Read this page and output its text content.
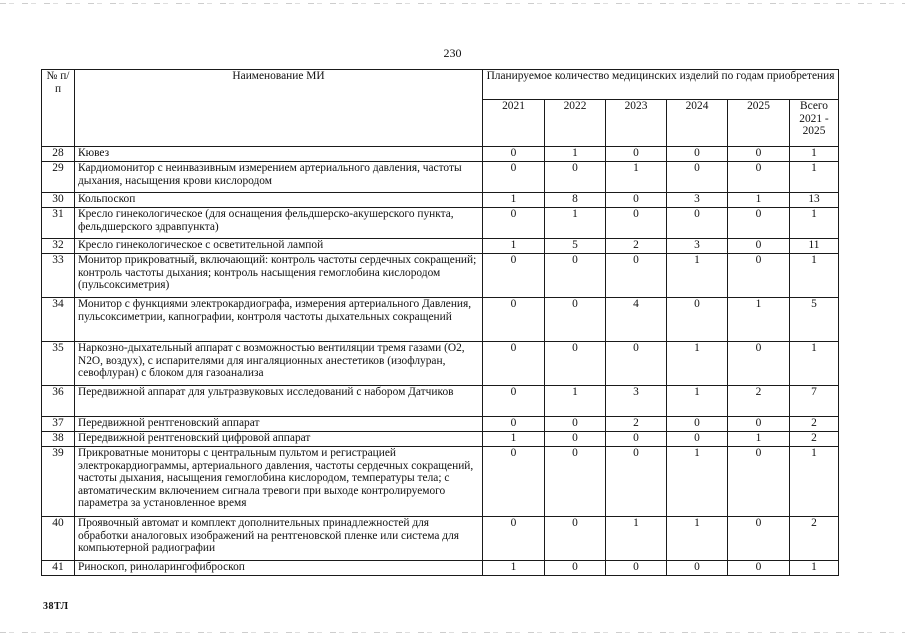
230
№ п/п	Наименование МИ	Планируемое количество медицинских изделий по годам приобретения					
		2021	2022	2023	2024	2025	Всего 2021 - 2025
28	Кювез	0	1	0	0	0	1
29	Кардиомонитор с неинвазивным измерением артериального давления, частоты дыхания, насыщения крови кислородом	0	0	1	0	0	1
30	Кольпоскоп	1	8	0	3	1	13
31	Кресло гинекологическое (для оснащения фельдшерско-акушерского пункта, фельдшерского здравпункта)	0	1	0	0	0	1
32	Кресло гинекологическое с осветительной лампой	1	5	2	3	0	11
33	Монитор прикроватный, включающий: контроль частоты сердечных сокращений; контроль частоты дыхания; контроль насыщения гемоглобина кислородом (пульсоксиметрия)	0	0	0	1	0	1
34	Монитор с функциями электрокардиографа, измерения артериального Давления, пульсоксиметрии, капнографии, контроля частоты дыхательных сокращений	0	0	4	0	1	5
35	Наркозно-дыхательный аппарат с возможностью вентиляции тремя газами (O2, N2O, воздух), с испарителями для ингаляционных анестетиков (изофлуран, севофлуран) с блоком для газоанализа	0	0	0	1	0	1
36	Передвижной аппарат для ультразвуковых исследований с набором Датчиков	0	1	3	1	2	7
37	Передвижной рентгеновский аппарат	0	0	2	0	0	2
38	Передвижной рентгеновский цифровой аппарат	1	0	0	0	1	2
39	Прикроватные мониторы с центральным пультом и регистрацией электрокардиограммы, артериального давления, частоты сердечных сокращений, частоты дыхания, насыщения гемоглобина кислородом, температуры тела; с автоматическим включением сигнала тревоги при выходе контролируемого параметра за установленное время	0	0	0	1	0	1
40	Проявочный автомат и комплект дополнительных принадлежностей для обработки аналоговых изображений на рентгеновской пленке или система для компьютерной радиографии	0	0	1	1	0	2
41	Риноскоп, риноларингофиброскоп	1	0	0	0	0	1
38ТЛ
